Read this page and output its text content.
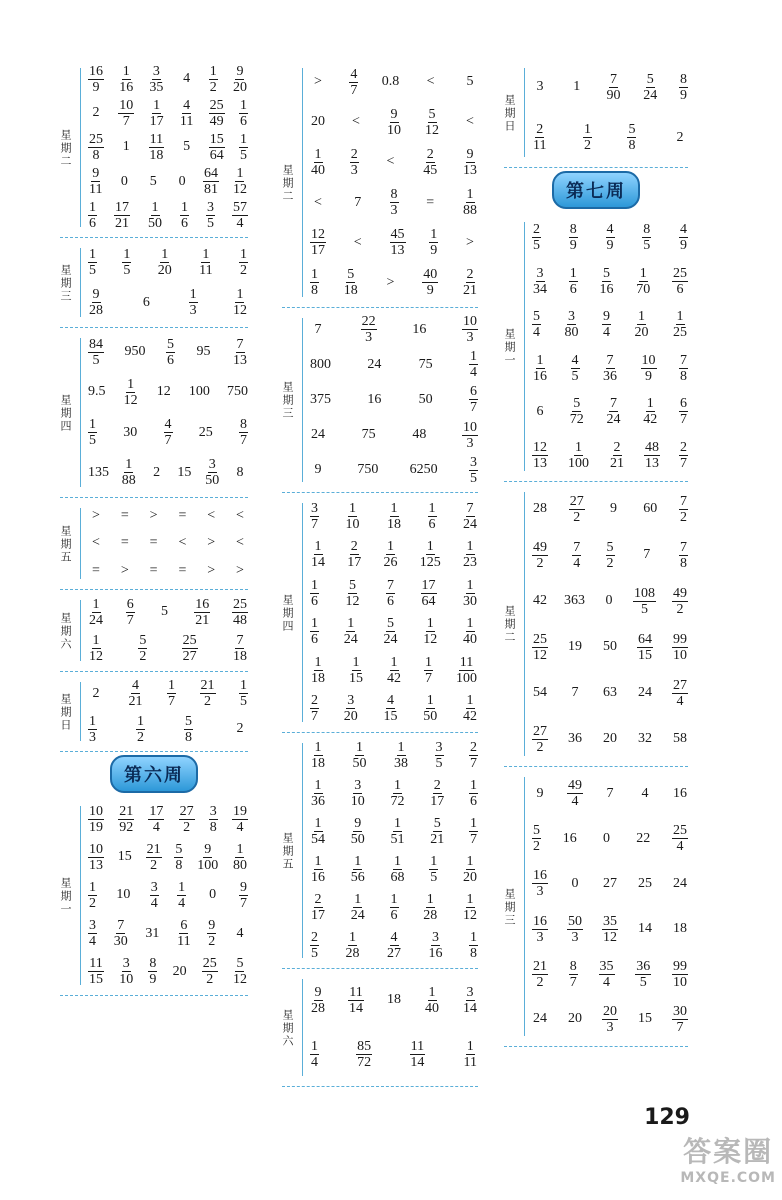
星期二
$\frac{16}{9} \frac{1}{16} \frac{3}{35}$	4	$\frac{1}{2} \frac{9}{20}$
2	$\frac{10}{7} \frac{1}{17} \frac{4}{11} \frac{25}{49} \frac{1}{6}$
$\frac{25}{8}$	1	$\frac{11}{18}$	5	$\frac{15}{64} \frac{1}{5}$
$\frac{9}{11}$	0	5	0	$\frac{64}{81} \frac{1}{12}$
$\frac{1}{6} \frac{17}{21} \frac{1}{50} \frac{1}{6} \frac{3}{5} \frac{57}{4}$
星期三
$\frac{1}{5} \frac{1}{5} \frac{1}{20} \frac{1}{11} \frac{1}{2}$
$\frac{9}{28}$	6	$\frac{1}{3} \frac{1}{12}$
星期四
$\frac{84}{5} 950 \frac{5}{6} 95 \frac{7}{13}$
$9.5 \frac{1}{12} 12$ 100 750
$\frac{1}{5} 30 \frac{4}{7} 25 \frac{8}{7}$
$135 \frac{1}{88}$	2	$15 \frac{3}{50}$	8
星期五
> = > = < <
< = = < > <
= > = = > >
星期六
$\frac{1}{24} \frac{6}{7}$	5	$\frac{16}{21} \frac{25}{48}$
$\frac{1}{12} \frac{5}{2} \frac{25}{27} \frac{7}{18}$
星期日
2	$\frac{4}{21} \frac{1}{7} \frac{21}{2} \frac{1}{5}$
$\frac{1}{3}$	$\frac{1}{2}$	$\frac{5}{8}$	2
第六周
星期一
$\frac{10}{19} \frac{21}{92} \frac{17}{4} \frac{27}{2} \frac{3}{8} \frac{19}{4}$
$\frac{10}{13} 15 \frac{21}{2} \frac{5}{8} \frac{9}{100} \frac{1}{80}$
$\frac{1}{2} 10 \frac{3}{4} \frac{1}{4}$	0	$\frac{9}{7}$
$\frac{3}{4} \frac{7}{30} 31 \frac{6}{11} \frac{9}{2}$	4
$\frac{11}{15} \frac{3}{10} \frac{8}{9} 20 \frac{25}{2} \frac{5}{12}$
星期二
> $\frac{4}{7} 0.8$ <	5
$20 < \frac{9}{10} \frac{5}{12}$ <
$\frac{1}{40} \frac{2}{3} < \frac{2}{45} \frac{9}{13}$
<	7	$\frac{8}{3} = \frac{1}{88}$
$\frac{12}{17} < \frac{45}{13} \frac{1}{9}$ >
$\frac{1}{8} \frac{5}{18} > \frac{40}{9} \frac{2}{21}$
星期三
7	$\frac{22}{3}$	16	$\frac{10}{3}$
800	24	75	$\frac{1}{4}$
375	16	50	$\frac{6}{7}$
24	75	48	$\frac{10}{3}$
9	750 $6250 \frac{3}{5}$
星期四
$\frac{3}{7} \frac{1}{10} \frac{1}{18} \frac{1}{6} \frac{7}{24}$
$\frac{1}{14} \frac{2}{17} \frac{1}{26} \frac{1}{125} \frac{1}{23}$
$\frac{1}{6} \frac{5}{12} \frac{7}{6} \frac{17}{64} \frac{1}{30}$
$\frac{1}{6} \frac{1}{24} \frac{5}{24} \frac{1}{12} \frac{1}{40}$
$\frac{1}{18} \frac{1}{15} \frac{1}{42} \frac{1}{7} \frac{11}{100}$
$\frac{2}{7} \frac{3}{20} \frac{4}{15} \frac{1}{50} \frac{1}{42}$
星期五
$\frac{1}{18} \frac{1}{50} \frac{1}{38} \frac{3}{5} \frac{2}{7}$
$\frac{1}{36} \frac{3}{10} \frac{1}{72} \frac{2}{17} \frac{1}{6}$
$\frac{1}{54} \frac{9}{50} \frac{1}{51} \frac{5}{21} \frac{1}{7}$
$\frac{1}{16} \frac{1}{56} \frac{1}{68} \frac{1}{5} \frac{1}{20}$
$\frac{2}{17} \frac{1}{24} \frac{1}{6} \frac{1}{28} \frac{1}{12}$
$\frac{2}{5} \frac{1}{28} \frac{4}{27} \frac{3}{16} \frac{1}{8}$
星期六
$\frac{9}{28} \frac{11}{14} 18 \frac{1}{40} \frac{3}{14}$
$\frac{1}{4}$	$\frac{85}{72}$	$\frac{11}{14}$	$\frac{1}{11}$
星期日
3	1	$\frac{7}{90} \frac{5}{24} \frac{8}{9}$
$\frac{2}{11}$	$\frac{1}{2}$	$\frac{5}{8}$	2
第七周
星期一
$\frac{2}{5} \frac{8}{9} \frac{4}{9} \frac{8}{5} \frac{4}{9}$
$\frac{3}{34} \frac{1}{6} \frac{5}{16} \frac{1}{70} \frac{25}{6}$
$\frac{5}{4} \frac{3}{80} \frac{9}{4} \frac{1}{20} \frac{1}{25}$
$\frac{1}{16} \frac{4}{5} \frac{7}{36} \frac{10}{9} \frac{7}{8}$
6	$\frac{5}{72} \frac{7}{24} \frac{1}{42} \frac{6}{7}$
$\frac{12}{13} \frac{1}{100} \frac{2}{21} \frac{48}{13} \frac{2}{7}$
星期二
$28 \frac{27}{2}$	9	$60 \frac{7}{2}$
$\frac{49}{2} \frac{7}{4} \frac{5}{2}$	7	$\frac{7}{8}$
42 363	0	$\frac{108}{5} \frac{49}{2}$
$\frac{25}{12} 19$ $50 \frac{64}{15} \frac{99}{10}$
54	7	63 $24 \frac{27}{4}$
$\frac{27}{2} 36$ 20 32 58
星期三
9	$\frac{49}{4}$	7	4	16
$\frac{5}{2} 16$	0	$22 \frac{25}{4}$
$\frac{16}{3}$	0	27 25 24
$\frac{16}{3} \frac{50}{3} \frac{35}{12} 14$ 18
$\frac{21}{2} \frac{8}{7} \frac{35}{4} \frac{36}{5} \frac{99}{10}$
24 $20 \frac{20}{3} 15 \frac{30}{7}$
129
答案圈
MXQE.COM
